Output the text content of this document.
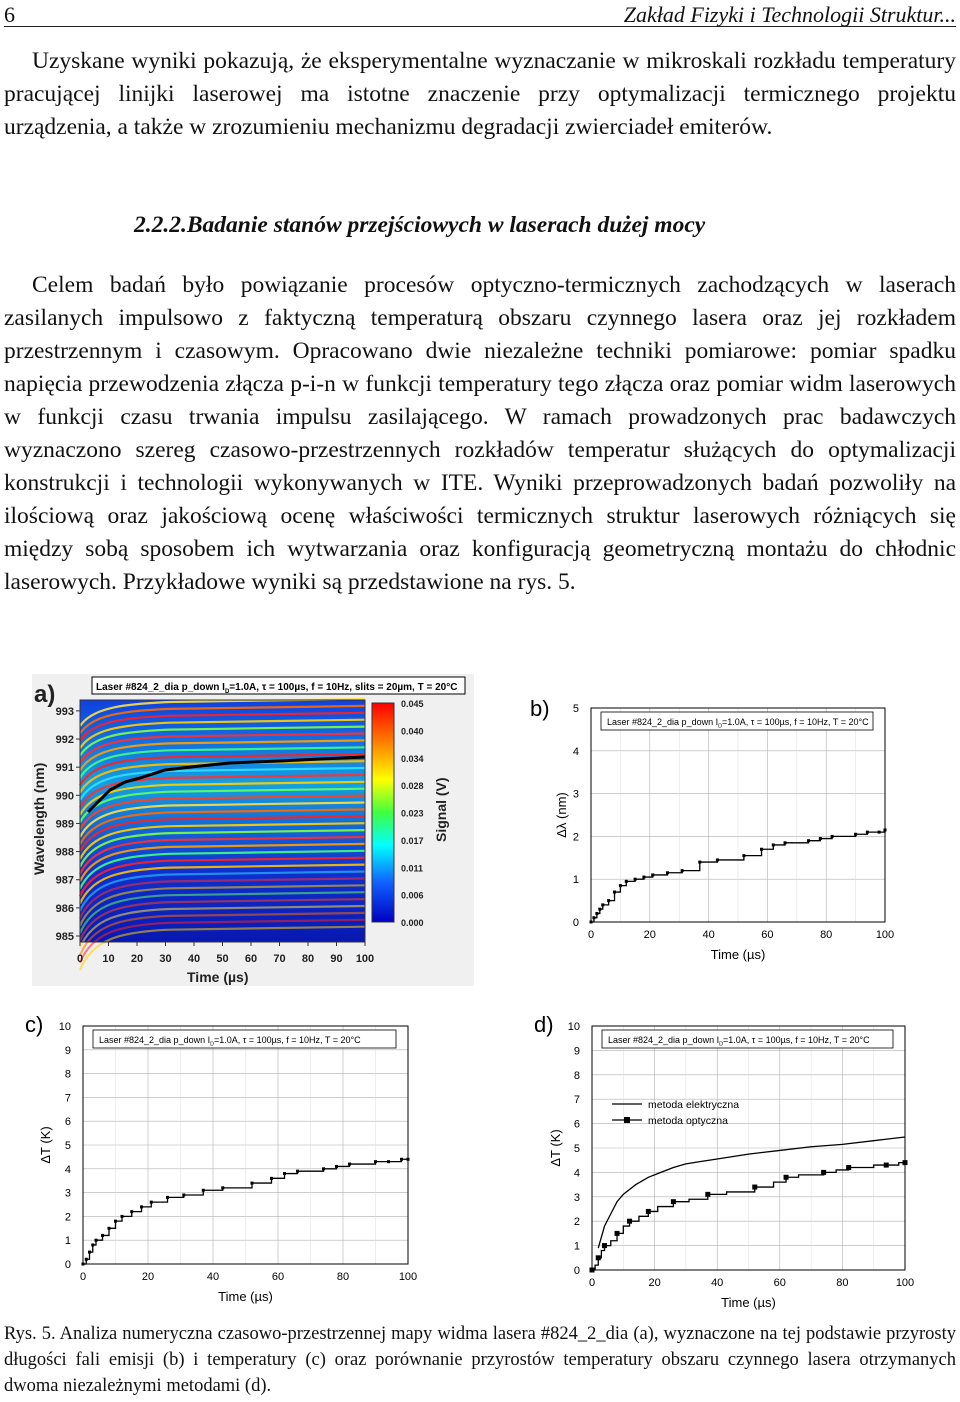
6	Zakład Fizyki i Technologii Struktur...

Uzyskane wyniki pokazują, że eksperymentalne wyznaczanie w mikroskali rozkładu temperatury pracującej linijki laserowej ma istotne znaczenie przy optymalizacji termicznego projektu urządzenia, a także w zrozumieniu mechanizmu degradacji zwierciadeł emiterów.

2.2.2.Badanie stanów przejściowych w laserach dużej mocy

Celem badań było powiązanie procesów optyczno-termicznych zachodzących w laserach zasilanych impulsowo z faktyczną temperaturą obszaru czynnego lasera oraz jej rozkładem przestrzennym i czasowym. Opracowano dwie niezależne techniki pomiarowe: pomiar spadku napięcia przewodzenia złącza p-i-n w funkcji temperatury tego złącza oraz pomiar widm laserowych w funkcji czasu trwania impulsu zasilającego. W ramach prowadzonych prac badawczych wyznaczono szereg czasowo-przestrzennych rozkładów temperatur służących do optymalizacji konstrukcji i technologii wykonywanych w ITE. Wyniki przeprowadzonych badań pozwoliły na ilościową oraz jakościową ocenę właściwości termicznych struktur laserowych różniących się między sobą sposobem ich wytwarzania oraz konfiguracją geometryczną montażu do chłodnic laserowych. Przykładowe wyniki są przedstawione na rys. 5.

a)	Laser #824_2_dia p_down $I_D=1.0A$, τ = 100µs, f = 10Hz, slits = 20µm, T = 20°C
0 10 20 30 40 50 60 70 80 90 100
993
992
991
990
989
988
987
986
985
Time (µs)
Wavelength (nm)
0.045
0.040
0.034
0.028
0.023
0.017
0.011
0.006
0.000
Signal (V)
b)
0	20	40	60	80	100
0
1
2
3
4
5
Time (µs)
Δλ (nm)
Laser #824_2_dia p_down $I_D=1.0A$, τ = 100µs, f = 10Hz, T = 20°C
c)
0	20	40	60	80	100
0
1
2
3
4
5
6
7
8
9
10
Time (µs)
ΔT (K)
Laser #824_2_dia p_down $I_D=1.0A$, τ = 100µs, f = 10Hz, T = 20°C
d)
0	20	40	60	80	100
0
1
2
3
4
5
6
7
8
9
10
Time (µs)
ΔT (K)
Laser #824_2_dia p_down $I_D=1.0A$, τ = 100µs, f = 10Hz, T = 20°C
metoda elektryczna
metoda optyczna

Rys. 5. Analiza numeryczna czasowo-przestrzennej mapy widma lasera #824_2_dia (a), wyznaczone na tej podstawie przyrosty długości fali emisji (b) i temperatury (c) oraz porównanie przyrostów temperatury obszaru czynnego lasera otrzymanych dwoma niezależnymi metodami (d).
